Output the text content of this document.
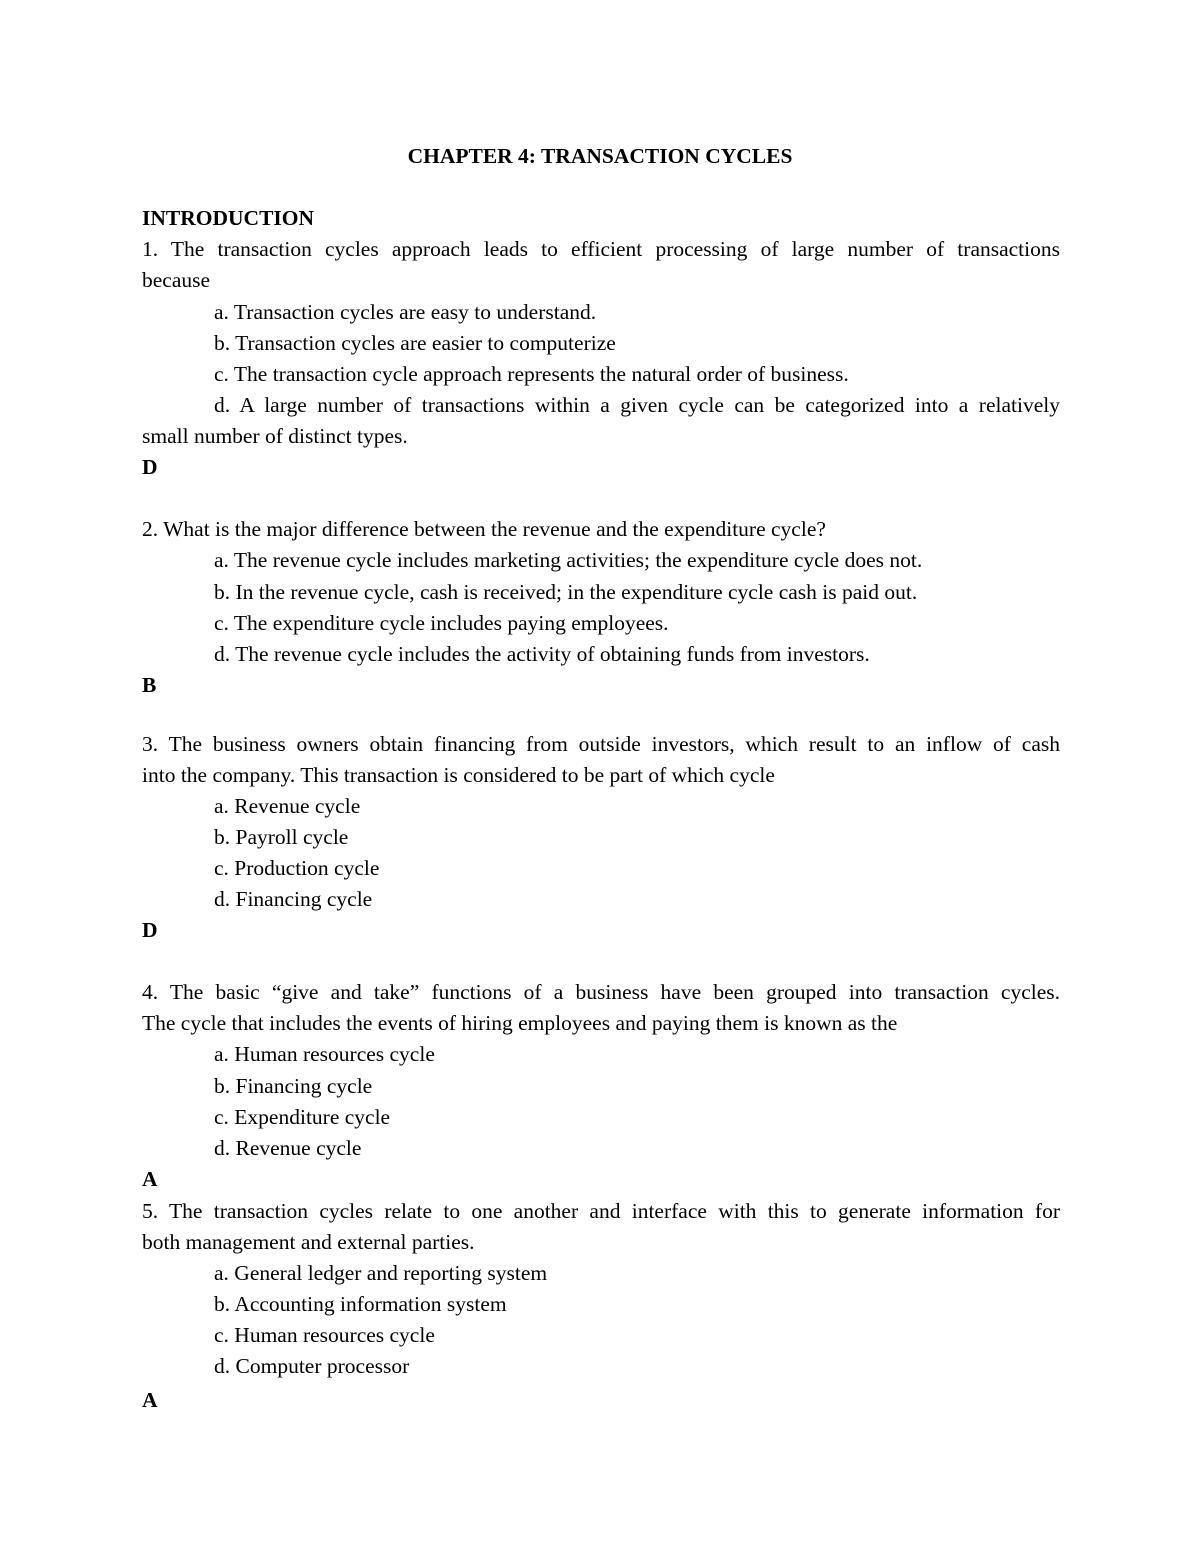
CHAPTER 4: TRANSACTION CYCLES
INTRODUCTION
1. The transaction cycles approach leads to efficient processing of large number of transactions
because
a. Transaction cycles are easy to understand.
b. Transaction cycles are easier to computerize
c. The transaction cycle approach represents the natural order of business.
d. A large number of transactions within a given cycle can be categorized into a relatively
small number of distinct types.
D
2. What is the major difference between the revenue and the expenditure cycle?
a. The revenue cycle includes marketing activities; the expenditure cycle does not.
b. In the revenue cycle, cash is received; in the expenditure cycle cash is paid out.
c. The expenditure cycle includes paying employees.
d. The revenue cycle includes the activity of obtaining funds from investors.
B
3. The business owners obtain financing from outside investors, which result to an inflow of cash
into the company. This transaction is considered to be part of which cycle
a. Revenue cycle
b. Payroll cycle
c. Production cycle
d. Financing cycle
D
4. The basic “give and take” functions of a business have been grouped into transaction cycles.
The cycle that includes the events of hiring employees and paying them is known as the
a. Human resources cycle
b. Financing cycle
c. Expenditure cycle
d. Revenue cycle
A
5. The transaction cycles relate to one another and interface with this to generate information for
both management and external parties.
a. General ledger and reporting system
b. Accounting information system
c. Human resources cycle
d. Computer processor
A
